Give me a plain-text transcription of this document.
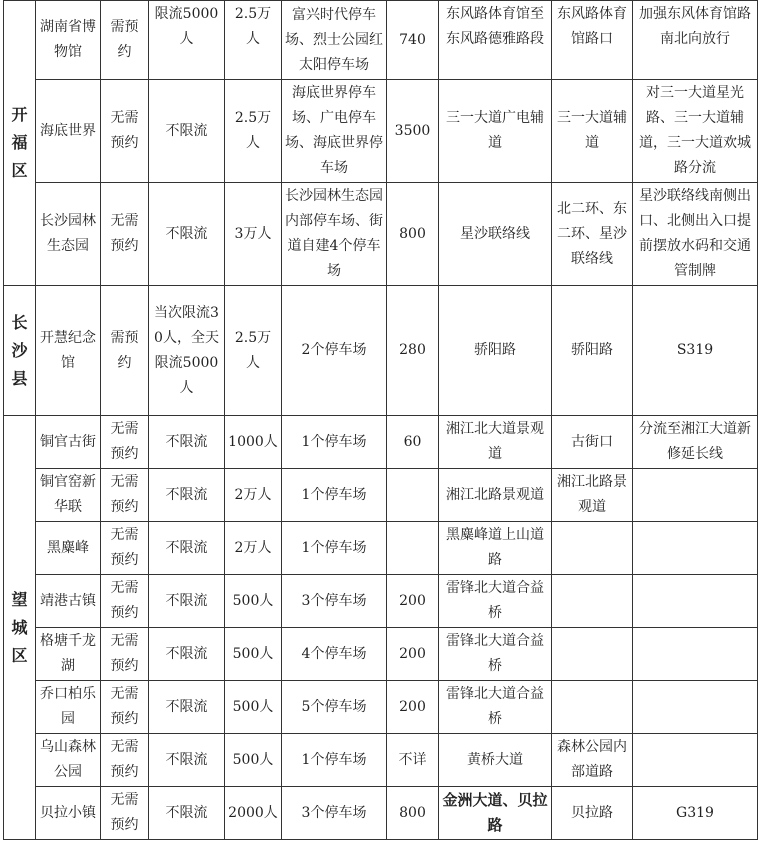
开
福
区	湖南省博物馆	需预约	限流5000人	2.5万人	富兴时代停车场、烈士公园红太阳停车场	740	东风路体育馆至东风路德雅路段	东风路体育馆路口	加强东风体育馆路南北向放行
	海底世界	无需预约	不限流	2.5万人	海底世界停车场、广电停车场、海底世界停车场	3500	三一大道广电辅道	三一大道辅道	对三一大道星光路、三一大道辅道，三一大道欢城路分流
	长沙园林生态园	无需预约	不限流	3万人	长沙园林生态园内部停车场、街道自建4个停车场	800	星沙联络线	北二环、东二环、星沙联络线	星沙联络线南侧出口、北侧出入口提前摆放水码和交通管制牌
长
沙
县	开慧纪念馆	需预约	当次限流30人，全天限流5000人	2.5万人	2个停车场	280	骄阳路	骄阳路	S319
望
城
区	铜官古街	无需预约	不限流	1000人	1个停车场	60	湘江北大道景观道	古街口	分流至湘江大道新修延长线
	铜官窑新华联	无需预约	不限流	2万人	1个停车场		湘江北路景观道	湘江北路景观道	
	黑麋峰	无需预约	不限流	2万人	1个停车场		黑麋峰道上山道路		
	靖港古镇	无需预约	不限流	500人	3个停车场	200	雷锋北大道合益桥		
	格塘千龙湖	无需预约	不限流	500人	4个停车场	200	雷锋北大道合益桥		
	乔口柏乐园	无需预约	不限流	500人	5个停车场	200	雷锋北大道合益桥		
	乌山森林公园	无需预约	不限流	500人	1个停车场	不详	黄桥大道	森林公园内部道路	
	贝拉小镇	无需预约	不限流	2000人	3个停车场	800	金洲大道、贝拉路	贝拉路	G319
